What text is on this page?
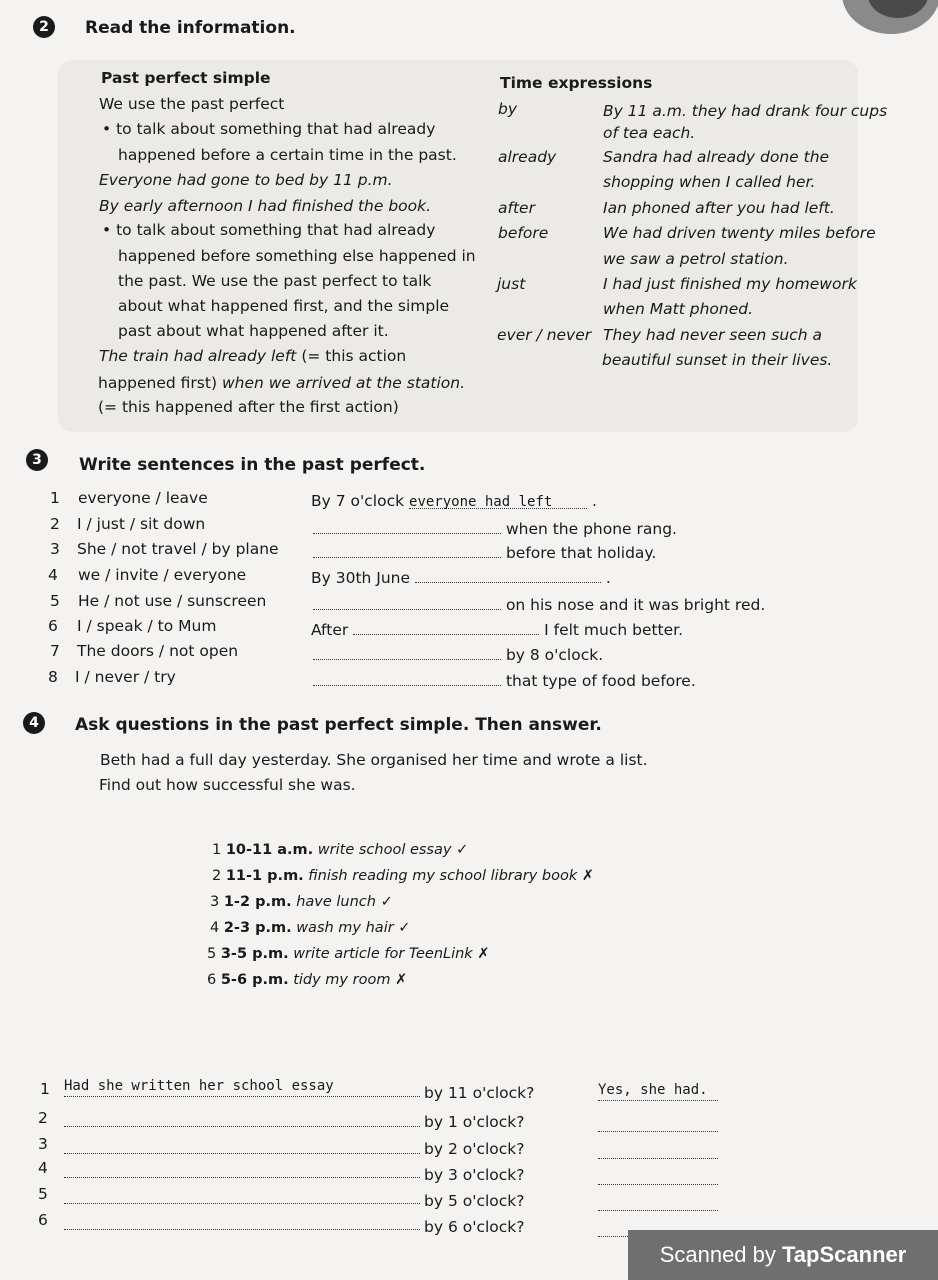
2	Read the information.
Past perfect simple
We use the past perfect
• to talk about something that had already
happened before a certain time in the past.
Everyone had gone to bed by 11 p.m.
By early afternoon I had finished the book.
• to talk about something that had already
happened before something else happened in
the past. We use the past perfect to talk
about what happened first, and the simple
past about what happened after it.
The train had already left (= this action
happened first) when we arrived at the station.
(= this happened after the first action)
Time expressions
by	By 11 a.m. they had drank four cups
of tea each.
already	Sandra had already done the
shopping when I called her.
after	Ian phoned after you had left.
before	We had driven twenty miles before
we saw a petrol station.
just	I had just finished my homework
when Matt phoned.
ever / never They had never seen such a
beautiful sunset in their lives.
3	Write sentences in the past perfect.
1 everyone / leave	By 7 o'clock everyone had left	.
2 I / just / sit down	when the phone rang.
3 She / not travel / by plane	before that holiday.
4 we / invite / everyone	By 30th June	.
5 He / not use / sunscreen	on his nose and it was bright red.
6 I / speak / to Mum	After	I felt much better.
7 The doors / not open	by 8 o'clock.
8 I / never / try	that type of food before.
4	Ask questions in the past perfect simple. Then answer.
Beth had a full day yesterday. She organised her time and wrote a list.
Find out how successful she was.
1 10-11 a.m. write school essay ✓
2 11-1 p.m. finish reading my school library book ✗
3 1-2 p.m. have lunch ✓
4 2-3 p.m. wash my hair ✓
5 3-5 p.m. write article for TeenLink ✗
6 5-6 p.m. tidy my room ✗
1 Had she written her school essay	by 11 o'clock?	Yes, she had.
2	by 1 o'clock?
3	by 2 o'clock?
4	by 3 o'clock?
5	by 5 o'clock?
6	by 6 o'clock?
Scanned by TapScanner
